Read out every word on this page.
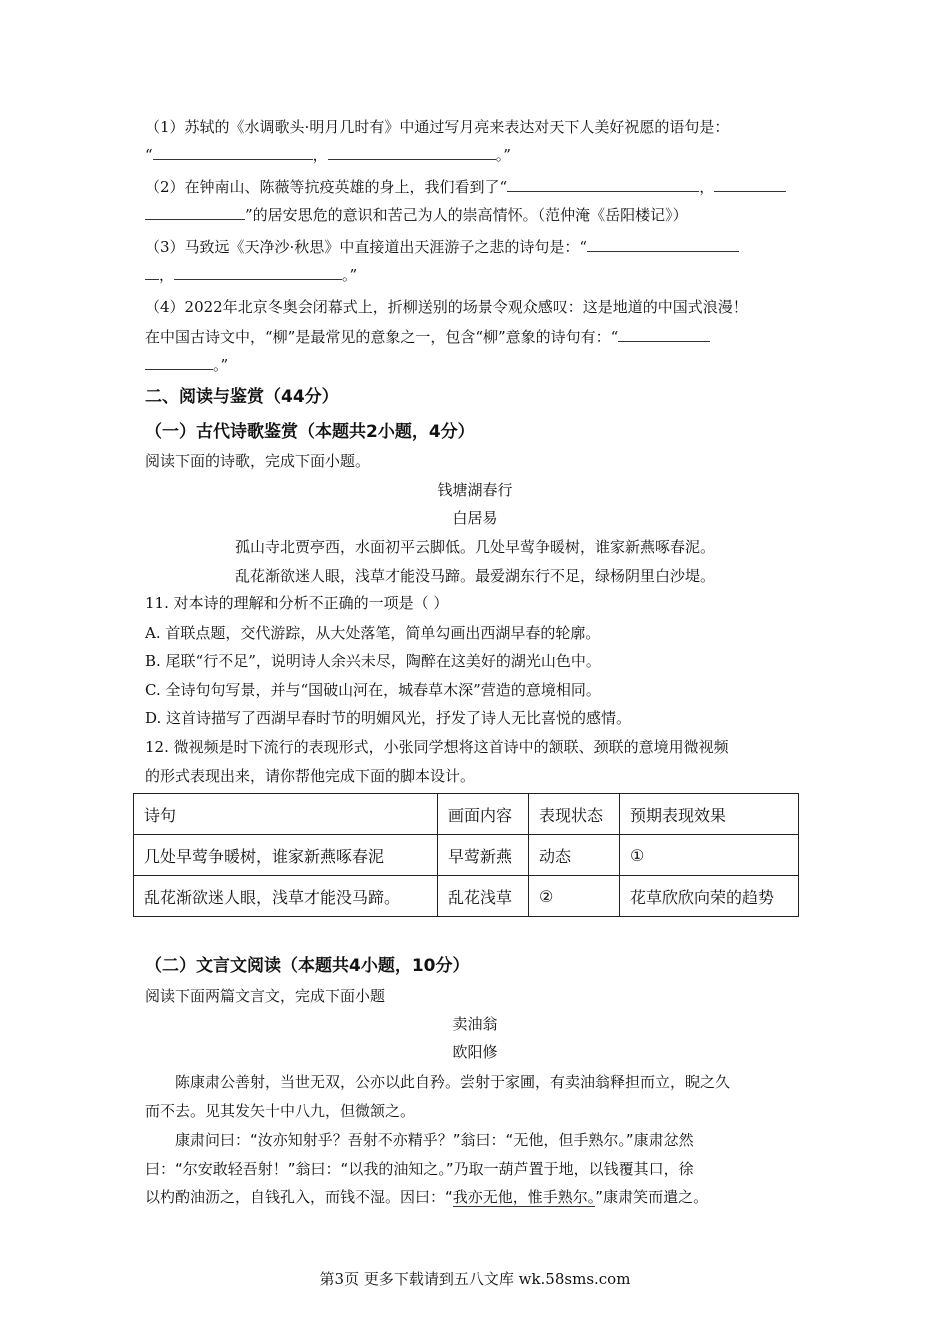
（1）苏轼的《水调歌头·明月几时有》中通过写月亮来表达对天下人美好祝愿的语句是：
“	，	。”
（2）在钟南山、陈薇等抗疫英雄的身上，我们看到了“	，
”的居安思危的意识和苦己为人的崇高情怀。（范仲淹《岳阳楼记》）
（3）马致远《天净沙·秋思》中直接道出天涯游子之悲的诗句是：“
，	。”
（4）2022年北京冬奥会闭幕式上，折柳送别的场景令观众感叹：这是地道的中国式浪漫！
在中国古诗文中，“柳”是最常见的意象之一，包含“柳”意象的诗句有：“
。”
二、阅读与鉴赏（44分）
（一）古代诗歌鉴赏（本题共2小题，4分）
阅读下面的诗歌，完成下面小题。
钱塘湖春行
白居易
孤山寺北贾亭西，水面初平云脚低。几处早莺争暖树，谁家新燕啄春泥。
乱花渐欲迷人眼，浅草才能没马蹄。最爱湖东行不足，绿杨阴里白沙堤。
11. 对本诗的理解和分析不正确的一项是（ ）
A. 首联点题，交代游踪，从大处落笔，简单勾画出西湖早春的轮廓。
B. 尾联“行不足”，说明诗人余兴未尽，陶醉在这美好的湖光山色中。
C. 全诗句句写景，并与“国破山河在，城春草木深”营造的意境相同。
D. 这首诗描写了西湖早春时节的明媚风光，抒发了诗人无比喜悦的感情。
12. 微视频是时下流行的表现形式，小张同学想将这首诗中的颔联、颈联的意境用微视频
的形式表现出来，请你帮他完成下面的脚本设计。
诗句	画面内容	表现状态	预期表现效果
几处早莺争暖树，谁家新燕啄春泥	早莺新燕	动态	①
乱花渐欲迷人眼，浅草才能没马蹄。	乱花浅草	②	花草欣欣向荣的趋势
（二）文言文阅读（本题共4小题，10分）
阅读下面两篇文言文，完成下面小题
卖油翁
欧阳修
陈康肃公善射，当世无双，公亦以此自矜。尝射于家圃，有卖油翁释担而立，睨之久
而不去。见其发矢十中八九，但微颔之。
康肃问曰：“汝亦知射乎？吾射不亦精乎？”翁曰：“无他，但手熟尔。”康肃忿然
曰：“尔安敢轻吾射！”翁曰：“以我的油知之。”乃取一葫芦置于地，以钱覆其口，徐
以杓酌油沥之，自钱孔入，而钱不湿。因曰：“我亦无他，惟手熟尔。”康肃笑而遣之。
第3页 更多下载请到五八文库 wk.58sms.com
